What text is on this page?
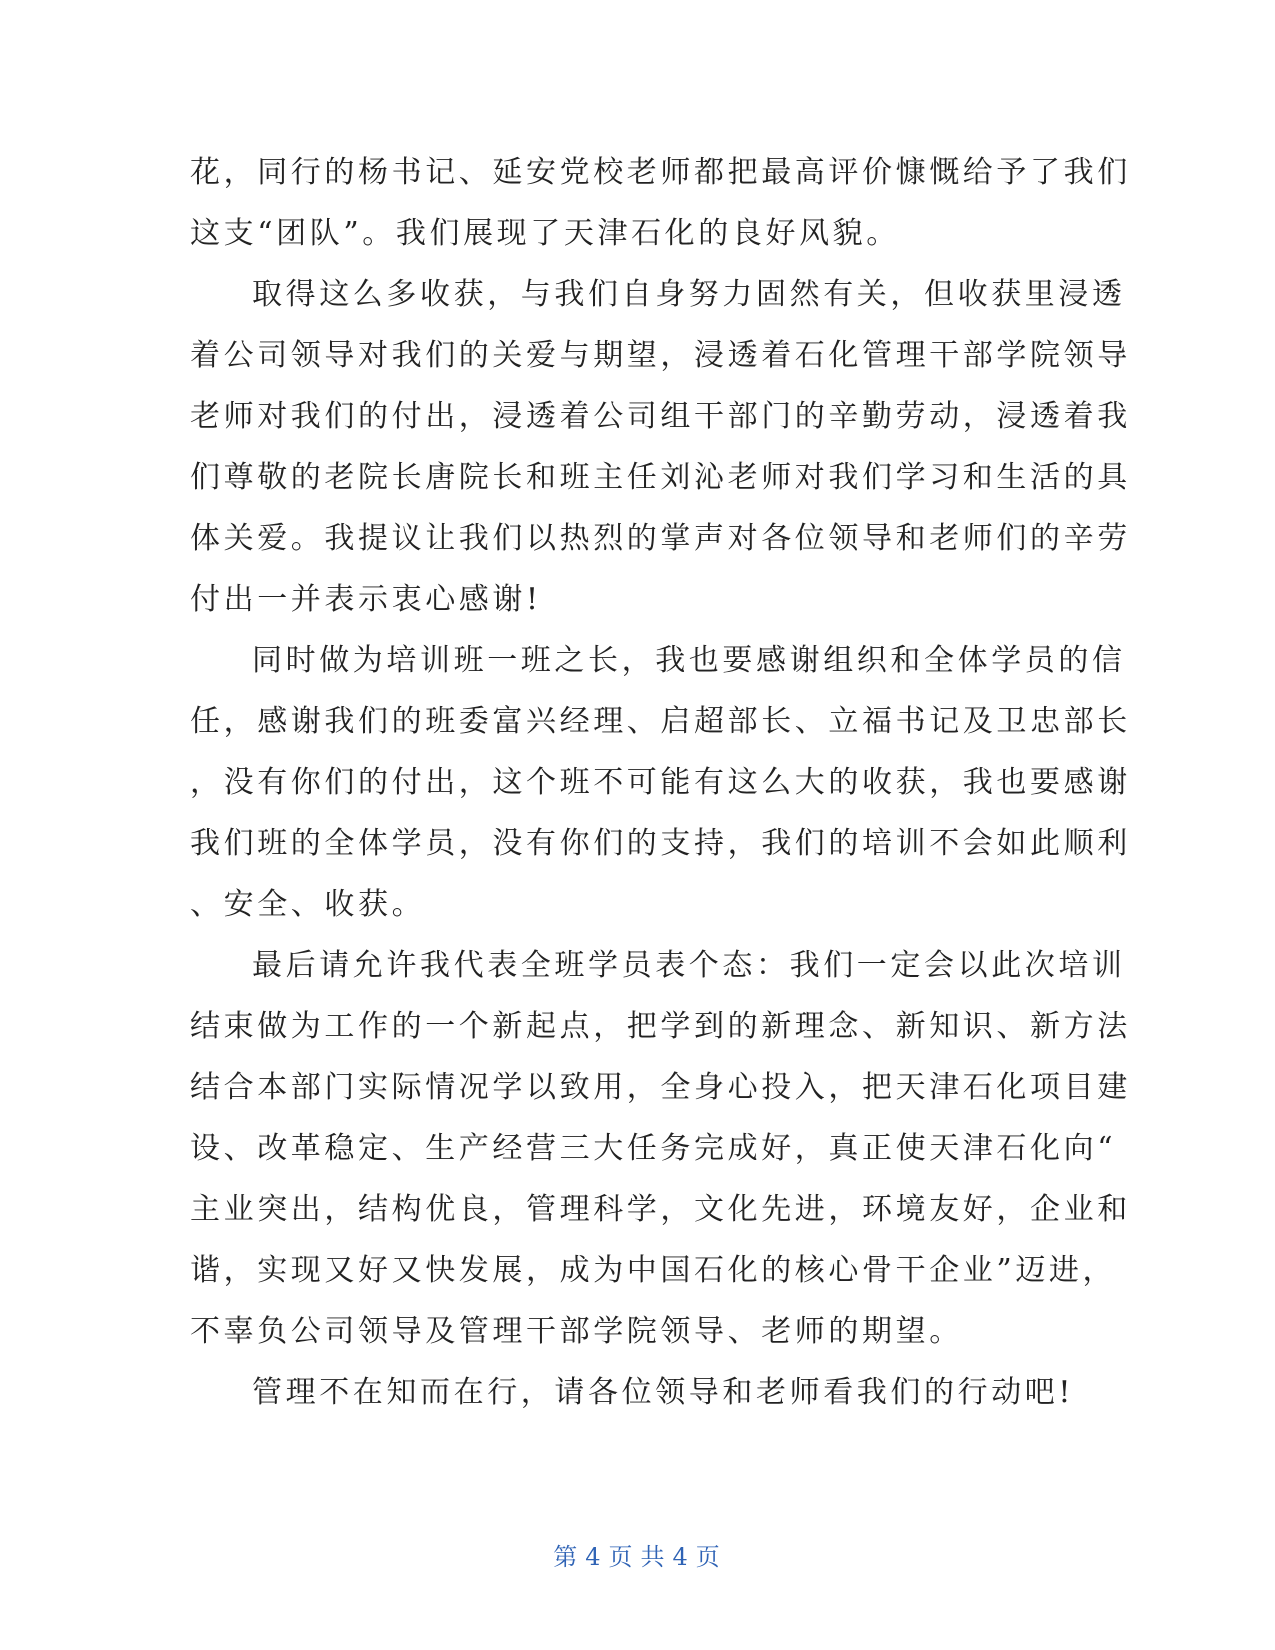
花，同行的杨书记、延安党校老师都把最高评价慷慨给予了我们
这支“团队”。我们展现了天津石化的良好风貌。
取得这么多收获，与我们自身努力固然有关，但收获里浸透
着公司领导对我们的关爱与期望，浸透着石化管理干部学院领导
老师对我们的付出，浸透着公司组干部门的辛勤劳动，浸透着我
们尊敬的老院长唐院长和班主任刘沁老师对我们学习和生活的具
体关爱。我提议让我们以热烈的掌声对各位领导和老师们的辛劳
付出一并表示衷心感谢!
同时做为培训班一班之长，我也要感谢组织和全体学员的信
任，感谢我们的班委富兴经理、启超部长、立福书记及卫忠部长
，没有你们的付出，这个班不可能有这么大的收获，我也要感谢
我们班的全体学员，没有你们的支持，我们的培训不会如此顺利
、安全、收获。
最后请允许我代表全班学员表个态：我们一定会以此次培训
结束做为工作的一个新起点，把学到的新理念、新知识、新方法
结合本部门实际情况学以致用，全身心投入，把天津石化项目建
设、改革稳定、生产经营三大任务完成好，真正使天津石化向“
主业突出，结构优良，管理科学，文化先进，环境友好，企业和
谐，实现又好又快发展，成为中国石化的核心骨干企业”迈进，
不辜负公司领导及管理干部学院领导、老师的期望。
管理不在知而在行，请各位领导和老师看我们的行动吧!
第 4 页 共 4 页
